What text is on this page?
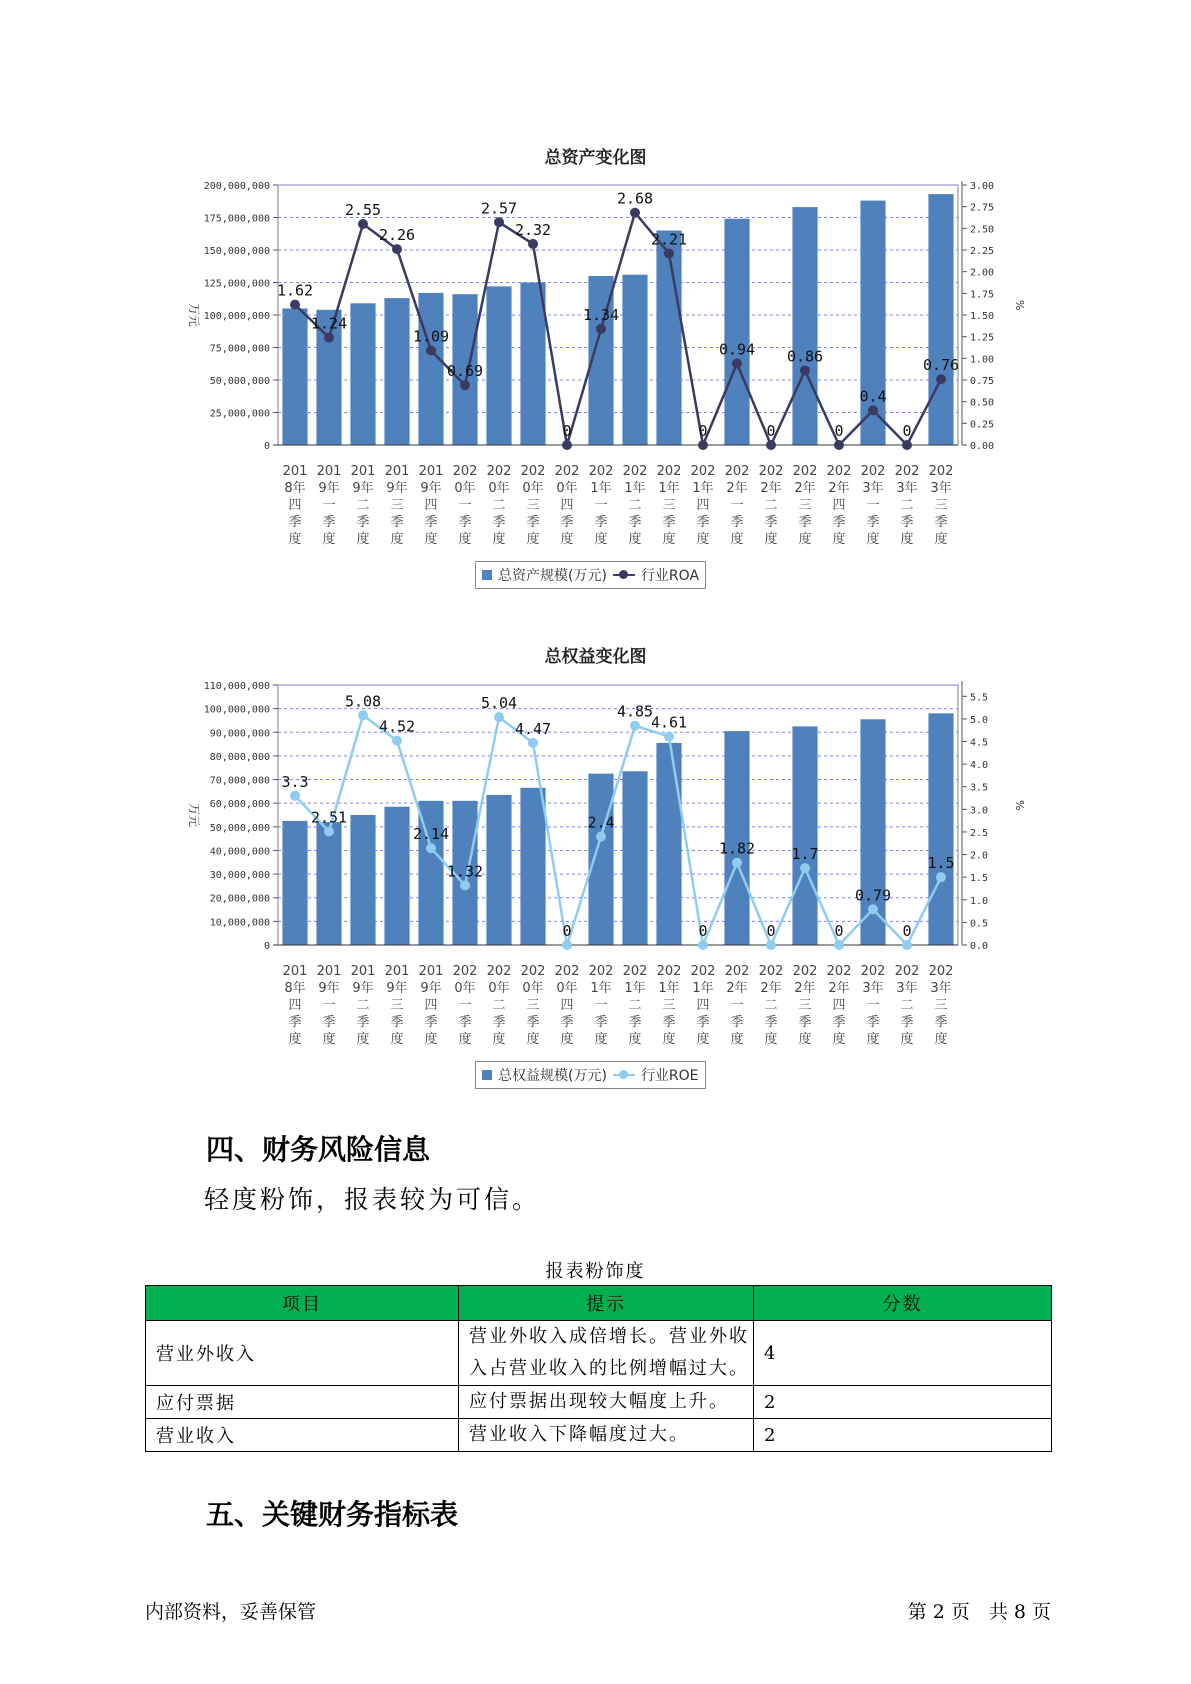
总资产变化图
0
25,000,000
50,000,000
75,000,000
100,000,000
125,000,000
150,000,000
175,000,000
200,000,000
0.00
0.25
0.50
0.75
1.00
1.25
1.50
1.75
2.00
2.25
2.50
2.75
3.00
万元	%
201 8年四季度
201 9年一季度
201 9年二季度
201 9年三季度
201 9年四季度
202 0年一季度
202 0年二季度
202 0年三季度
202 0年四季度
202 1年一季度
202 1年二季度
202 1年三季度
202 1年四季度
202 2年一季度
202 2年二季度
202 2年三季度
202 2年四季度
202 3年一季度
202 3年二季度
202 3年三季度
1.62
1.24
2.55
2.26
1.09
0.69
2.57
2.32
0
1.34
2.68
2.21
0
0.94
0
0.86
0
0.4
0
0.76
总资产规模(万元) 行业ROA
总权益变化图
0
10,000,000
20,000,000
30,000,000
40,000,000
50,000,000
60,000,000
70,000,000
80,000,000
90,000,000
100,000,000
110,000,000
0.0
0.5
1.0
1.5
2.0
2.5
3.0
3.5
4.0
4.5
5.0
5.5
万元	%
201 8年四季度
201 9年一季度
201 9年二季度
201 9年三季度
201 9年四季度
202 0年一季度
202 0年二季度
202 0年三季度
202 0年四季度
202 1年一季度
202 1年二季度
202 1年三季度
202 1年四季度
202 2年一季度
202 2年二季度
202 2年三季度
202 2年四季度
202 3年一季度
202 3年二季度
202 3年三季度
3.3
2.51
5.08
4.52
2.14
1.32
5.04
4.47
0
2.4
4.85
4.61
0
1.82
0
1.7
0
0.79
0
1.5
总权益规模(万元) 行业ROE
四、财务风险信息
轻度粉饰，报表较为可信。
报表粉饰度
项目	提示	分数
营业外收入	营业外收入成倍增长。营业外收入占营业收入的比例增幅过大。	4
应付票据	应付票据出现较大幅度上升。	2
营业收入	营业收入下降幅度过大。	2
五、关键财务指标表
内部资料，妥善保管	第 2 页　共 8 页
